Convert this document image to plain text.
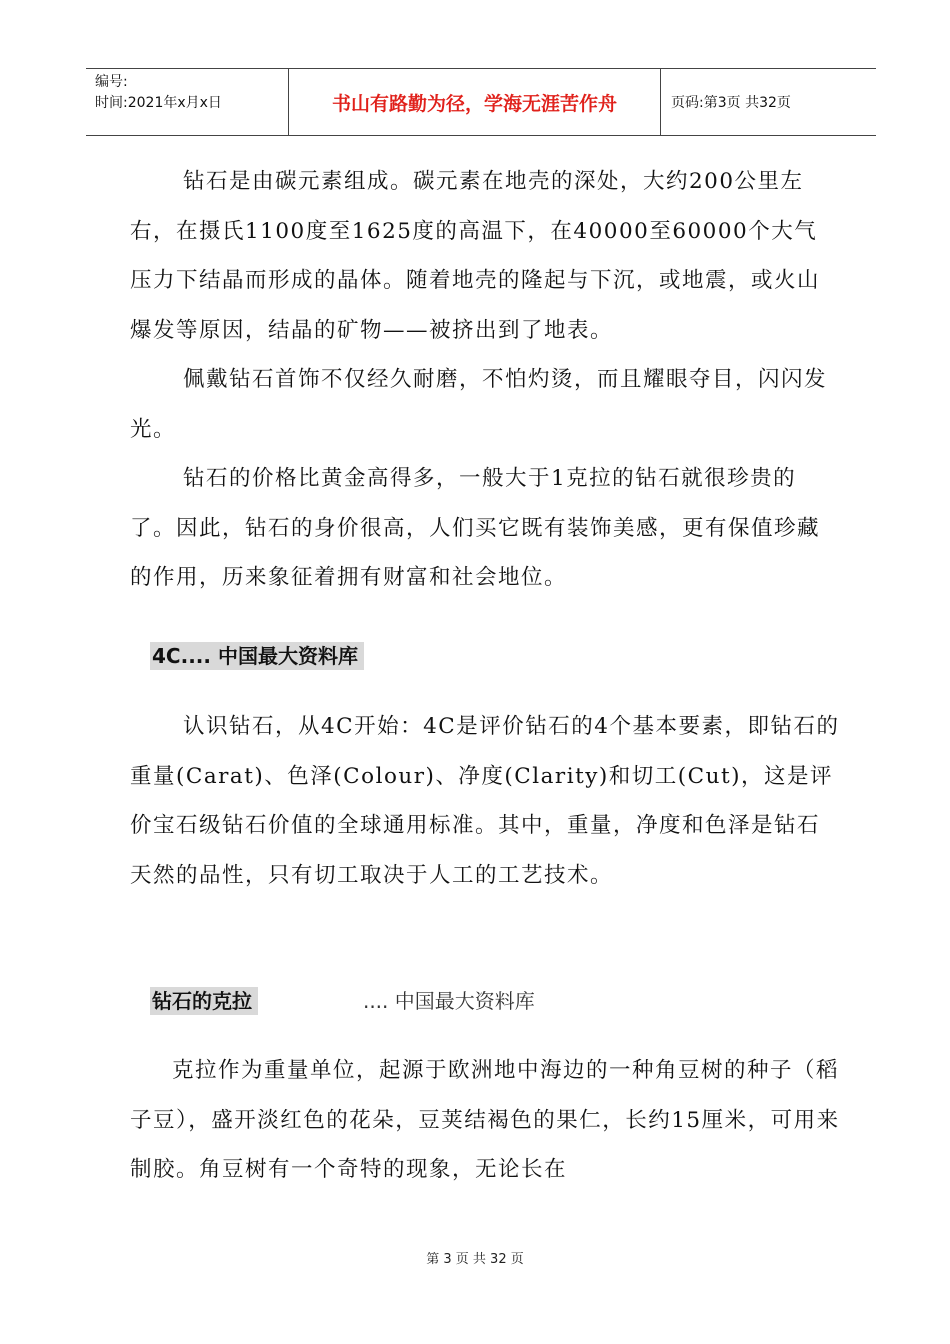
编号:
时间:2021年x月x日	书山有路勤为径，学海无涯苦作舟	页码:第3页 共32页

钻石是由碳元素组成。碳元素在地壳的深处，大约200公里左右，在摄氏1100度至1625度的高温下，在40000至60000个大气压力下结晶而形成的晶体。随着地壳的隆起与下沉，或地震，或火山爆发等原因，结晶的矿物——被挤出到了地表。

佩戴钻石首饰不仅经久耐磨，不怕灼烫，而且耀眼夺目，闪闪发光。

钻石的价格比黄金高得多，一般大于1克拉的钻石就很珍贵的了。因此，钻石的身价很高，人们买它既有装饰美感，更有保值珍藏的作用，历来象征着拥有财富和社会地位。

4C.... 中国最大资料库

认识钻石，从4C开始：4C是评价钻石的4个基本要素，即钻石的重量(Carat)、色泽(Colour)、净度(Clarity)和切工(Cut)，这是评价宝石级钻石价值的全球通用标准。其中，重量，净度和色泽是钻石天然的品性，只有切工取决于人工的工艺技术。

钻石的克拉	.... 中国最大资料库

克拉作为重量单位，起源于欧洲地中海边的一种角豆树的种子（稻子豆），盛开淡红色的花朵，豆荚结褐色的果仁，长约15厘米，可用来制胶。角豆树有一个奇特的现象，无论长在

第 3 页 共 32 页
